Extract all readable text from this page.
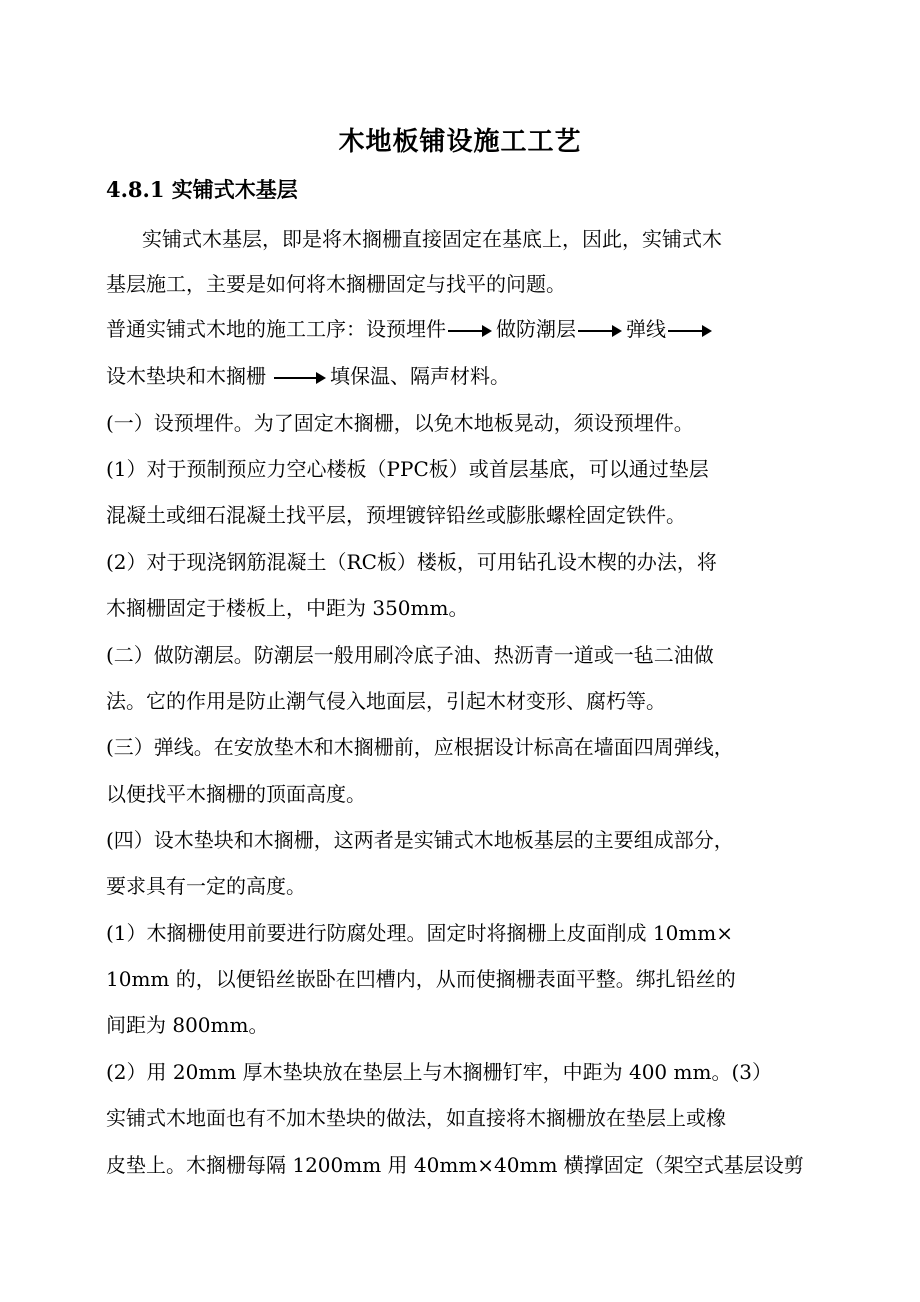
木地板铺设施工工艺
4.8.1 实铺式木基层
实铺式木基层，即是将木搁栅直接固定在基底上，因此，实铺式木
基层施工，主要是如何将木搁栅固定与找平的问题。
普通实铺式木地的施工工序：设预埋件	做防潮层	弹线
设木垫块和木搁栅	填保温、隔声材料。
(一）设预埋件。为了固定木搁栅，以免木地板晃动，须设预埋件。
(1）对于预制预应力空心楼板（PPC板）或首层基底，可以通过垫层
混凝土或细石混凝土找平层，预埋镀锌铅丝或膨胀螺栓固定铁件。
(2）对于现浇钢筋混凝土（RC板）楼板，可用钻孔设木楔的办法，将
木搁栅固定于楼板上，中距为 350mm。
(二）做防潮层。防潮层一般用刷冷底子油、热沥青一道或一毡二油做
法。它的作用是防止潮气侵入地面层，引起木材变形、腐朽等。
(三）弹线。在安放垫木和木搁栅前，应根据设计标高在墙面四周弹线，
以便找平木搁栅的顶面高度。
(四）设木垫块和木搁栅，这两者是实铺式木地板基层的主要组成部分，
要求具有一定的高度。
(1）木搁栅使用前要进行防腐处理。固定时将搁栅上皮面削成 10mm×
10mm 的，以便铅丝嵌卧在凹槽内，从而使搁栅表面平整。绑扎铅丝的
间距为 800mm。
(2）用 20mm 厚木垫块放在垫层上与木搁栅钉牢，中距为 400 mm。(3）
实铺式木地面也有不加木垫块的做法，如直接将木搁栅放在垫层上或橡
皮垫上。木搁栅每隔 1200mm 用 40mm×40mm 横撑固定（架空式基层设剪
